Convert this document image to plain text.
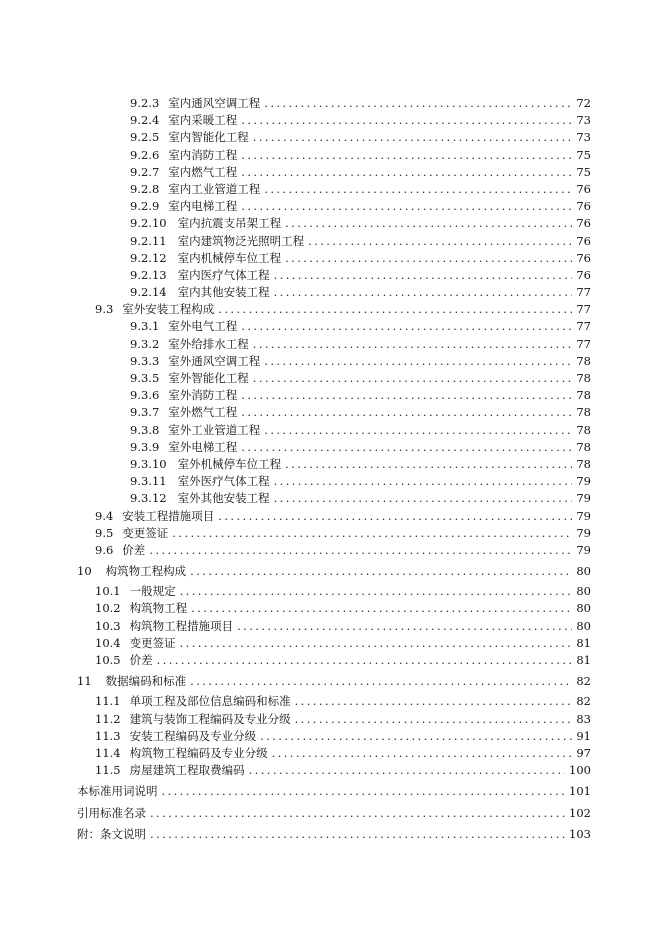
9.2.3 室内通风空调工程 .....	72
9.2.4 室内采暖工程 .....	73
9.2.5 室内智能化工程 .....	73
9.2.6 室内消防工程 .....	75
9.2.7 室内燃气工程 .....	75
9.2.8 室内工业管道工程 .....	76
9.2.9 室内电梯工程 .....	76
9.2.10 室内抗震支吊架工程 .....	76
9.2.11 室内建筑物泛光照明工程 .....	76
9.2.12 室内机械停车位工程 .....	76
9.2.13 室内医疗气体工程 .....	76
9.2.14 室内其他安装工程 .....	77
9.3 室外安装工程构成 .....	77
9.3.1 室外电气工程 .....	77
9.3.2 室外给排水工程 .....	77
9.3.3 室外通风空调工程 .....	78
9.3.5 室外智能化工程 .....	78
9.3.6 室外消防工程 .....	78
9.3.7 室外燃气工程 .....	78
9.3.8 室外工业管道工程 .....	78
9.3.9 室外电梯工程 .....	78
9.3.10 室外机械停车位工程 .....	78
9.3.11 室外医疗气体工程 .....	79
9.3.12 室外其他安装工程 .....	79
9.4 安装工程措施项目 .....	79
9.5 变更签证 .....	79
9.6 价差 .....	79
10 构筑物工程构成 .....	80
10.1 一般规定 .....	80
10.2 构筑物工程 .....	80
10.3 构筑物工程措施项目 .....	80
10.4 变更签证 .....	81
10.5 价差 .....	81
11 数据编码和标准 .....	82
11.1 单项工程及部位信息编码和标准 .....	82
11.2 建筑与装饰工程编码及专业分级 .....	83
11.3 安装工程编码及专业分级 .....	91
11.4 构筑物工程编码及专业分级 .....	97
11.5 房屋建筑工程取费编码 .....	100
本标准用词说明 .....	101
引用标准名录 .....	102
附：条文说明 .....	103
